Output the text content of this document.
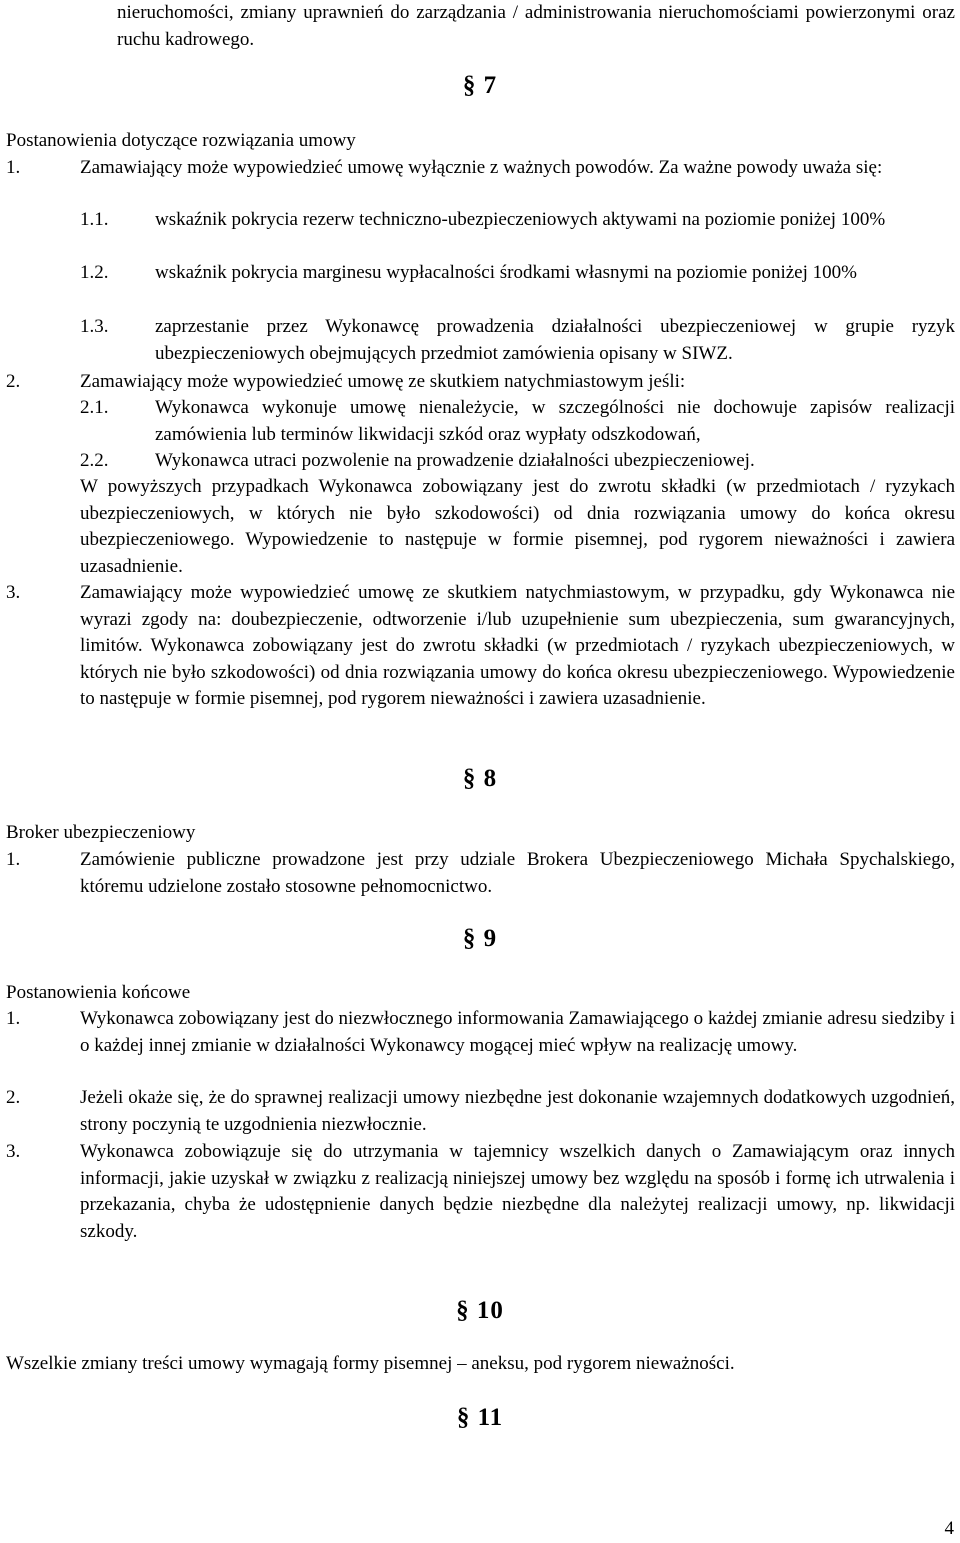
nieruchomości, zmiany uprawnień do zarządzania / administrowania nieruchomościami powierzonymi oraz ruchu kadrowego.
§ 7
Postanowienia dotyczące rozwiązania umowy
1.	Zamawiający może wypowiedzieć umowę wyłącznie z ważnych powodów. Za ważne powody uważa się:
1.1. wskaźnik pokrycia rezerw techniczno-ubezpieczeniowych aktywami na poziomie poniżej 100%
1.2. wskaźnik pokrycia marginesu wypłacalności środkami własnymi na poziomie poniżej 100%
1.3. zaprzestanie przez Wykonawcę prowadzenia działalności ubezpieczeniowej w grupie ryzyk ubezpieczeniowych obejmujących przedmiot zamówienia opisany w SIWZ.
2.	Zamawiający może wypowiedzieć umowę ze skutkiem natychmiastowym jeśli:
2.1. Wykonawca wykonuje umowę nienależycie, w szczególności nie dochowuje zapisów realizacji zamówienia lub terminów likwidacji szkód oraz wypłaty odszkodowań,
2.2. Wykonawca utraci pozwolenie na prowadzenie działalności ubezpieczeniowej.
W powyższych przypadkach Wykonawca zobowiązany jest do zwrotu składki (w przedmiotach / ryzykach ubezpieczeniowych, w których nie było szkodowości) od dnia rozwiązania umowy do końca okresu ubezpieczeniowego. Wypowiedzenie to następuje w formie pisemnej, pod rygorem nieważności i zawiera uzasadnienie.
3.	Zamawiający może wypowiedzieć umowę ze skutkiem natychmiastowym, w przypadku, gdy Wykonawca nie wyrazi zgody na: doubezpieczenie, odtworzenie i/lub uzupełnienie sum ubezpieczenia, sum gwarancyjnych, limitów. Wykonawca zobowiązany jest do zwrotu składki (w przedmiotach / ryzykach ubezpieczeniowych, w których nie było szkodowości) od dnia rozwiązania umowy do końca okresu ubezpieczeniowego. Wypowiedzenie to następuje w formie pisemnej, pod rygorem nieważności i zawiera uzasadnienie.
§ 8
Broker ubezpieczeniowy
1.	Zamówienie publiczne prowadzone jest przy udziale Brokera Ubezpieczeniowego Michała Spychalskiego, któremu udzielone zostało stosowne pełnomocnictwo.
§ 9
Postanowienia końcowe
1.	Wykonawca zobowiązany jest do niezwłocznego informowania Zamawiającego o każdej zmianie adresu siedziby i o każdej innej zmianie w działalności Wykonawcy mogącej mieć wpływ na realizację umowy.
2.	Jeżeli okaże się, że do sprawnej realizacji umowy niezbędne jest dokonanie wzajemnych dodatkowych uzgodnień, strony poczynią te uzgodnienia niezwłocznie.
3.	Wykonawca zobowiązuje się do utrzymania w tajemnicy wszelkich danych o Zamawiającym oraz innych informacji, jakie uzyskał w związku z realizacją niniejszej umowy bez względu na sposób i formę ich utrwalenia i przekazania, chyba że udostępnienie danych będzie niezbędne dla należytej realizacji umowy, np. likwidacji szkody.
§ 10
Wszelkie zmiany treści umowy wymagają formy pisemnej – aneksu, pod rygorem nieważności.
§ 11
4
